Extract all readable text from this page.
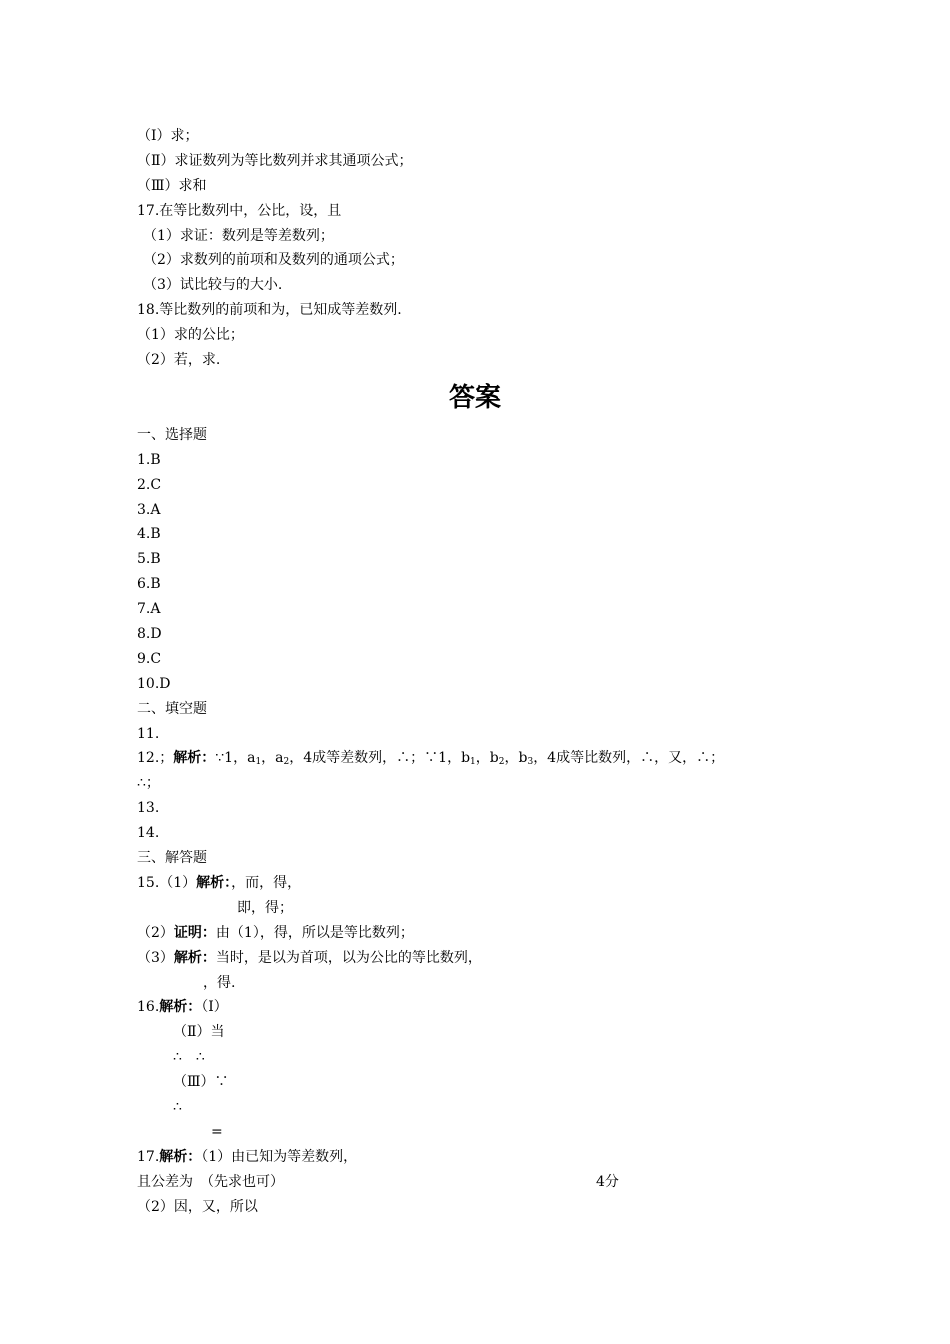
（Ⅰ）求；
（Ⅱ）求证数列为等比数列并求其通项公式；
（Ⅲ）求和
17.在等比数列中，公比，设，且
（1）求证：数列是等差数列；
（2）求数列的前项和及数列的通项公式；
（3）试比较与的大小.
18.等比数列的前项和为，已知成等差数列.
（1）求的公比；
（2）若，求.
答案
一、选择题
1.B
2.C
3.A
4.B
5.B
6.B
7.A
8.D
9.C
10.D
二、填空题
11.
12.；解析：∵1，$a_1$，$a_2$，4成等差数列，∴；∵1，$b_1$，$b_2$，$b_3$，4成等比数列，∴，又，∴；
∴；
13.
14.
三、解答题
15.（1）解析：，而，得，
即，得；
（2）证明：由（1），得，所以是等比数列；
（3）解析：当时，是以为首项，以为公比的等比数列，
，得.
16.解析：（Ⅰ）
（Ⅱ）当
∴　∴
（Ⅲ）∵
∴
=
17.解析：（1）由已知为等差数列，
且公差为　（先求也可）	4分
（2）因，又，所以
